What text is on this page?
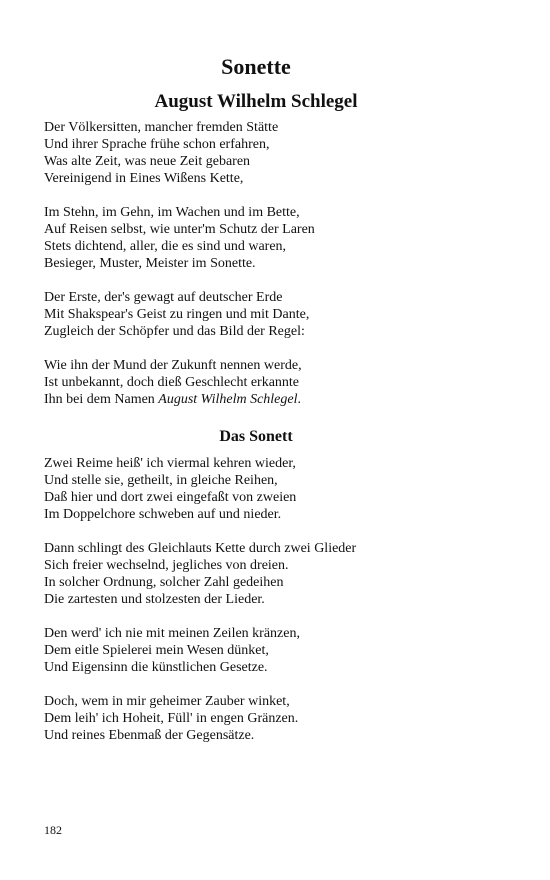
Sonette
August Wilhelm Schlegel
Der Völkersitten, mancher fremden Stätte
Und ihrer Sprache frühe schon erfahren,
Was alte Zeit, was neue Zeit gebaren
Vereinigend in Eines Wißens Kette,
Im Stehn, im Gehn, im Wachen und im Bette,
Auf Reisen selbst, wie unter'm Schutz der Laren
Stets dichtend, aller, die es sind und waren,
Besieger, Muster, Meister im Sonette.
Der Erste, der's gewagt auf deutscher Erde
Mit Shakspear's Geist zu ringen und mit Dante,
Zugleich der Schöpfer und das Bild der Regel:
Wie ihn der Mund der Zukunft nennen werde,
Ist unbekannt, doch dieß Geschlecht erkannte
Ihn bei dem Namen August Wilhelm Schlegel.
Das Sonett
Zwei Reime heiß' ich viermal kehren wieder,
Und stelle sie, getheilt, in gleiche Reihen,
Daß hier und dort zwei eingefaßt von zweien
Im Doppelchore schweben auf und nieder.
Dann schlingt des Gleichlauts Kette durch zwei Glieder
Sich freier wechselnd, jegliches von dreien.
In solcher Ordnung, solcher Zahl gedeihen
Die zartesten und stolzesten der Lieder.
Den werd' ich nie mit meinen Zeilen kränzen,
Dem eitle Spielerei mein Wesen dünket,
Und Eigensinn die künstlichen Gesetze.
Doch, wem in mir geheimer Zauber winket,
Dem leih' ich Hoheit, Füll' in engen Gränzen.
Und reines Ebenmaß der Gegensätze.
182
